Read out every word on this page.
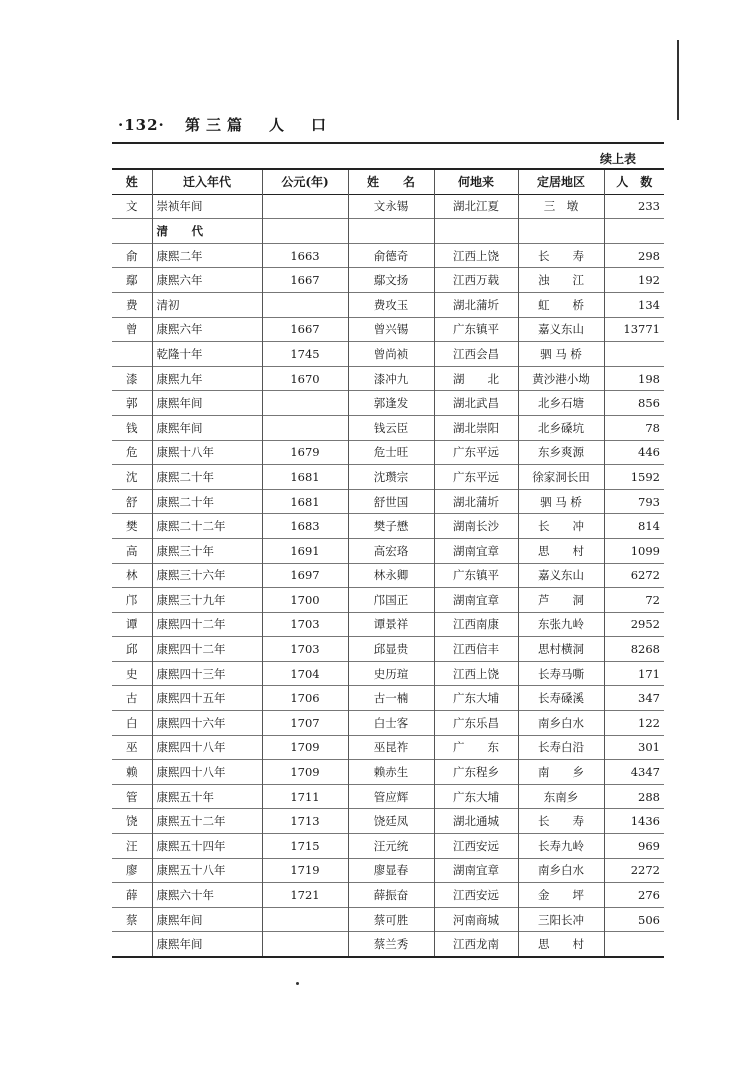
·132· 第三篇　人　口
续上表
姓	迁入年代	公元(年)	姓　　名	何地来	定居地区	人　数
文	崇祯年间		文永锡	湖北江夏	三　墩	233
	清　代					
俞	康熙二年	1663	俞德奇	江西上饶	长　　寿	298
鄢	康熙六年	1667	鄢文扬	江西万载	浊　　江	192
费	清初		费攻玉	湖北蒲圻	虹　　桥	134
曾	康熙六年	1667	曾兴锡	广东镇平	嘉义东山	13771
	乾隆十年	1745	曾尚祯	江西会昌	驷 马 桥	
漆	康熙九年	1670	漆冲九	湖　　北	黄沙港小坳	198
郭	康熙年间		郭逢发	湖北武昌	北乡石塘	856
钱	康熙年间		钱云臣	湖北崇阳	北乡磉坑	78
危	康熙十八年	1679	危士旺	广东平远	东乡爽源	446
沈	康熙二十年	1681	沈瓒宗	广东平远	徐家洞长田	1592
舒	康熙二十年	1681	舒世国	湖北蒲圻	驷 马 桥	793
樊	康熙二十二年	1683	樊子懋	湖南长沙	长　　冲	814
高	康熙三十年	1691	高宏珞	湖南宜章	思　　村	1099
林	康熙三十六年	1697	林永卿	广东镇平	嘉义东山	6272
邝	康熙三十九年	1700	邝国正	湖南宜章	芦　　洞	72
谭	康熙四十二年	1703	谭景祥	江西南康	东张九岭	2952
邱	康熙四十二年	1703	邱显贵	江西信丰	思村横洞	8268
史	康熙四十三年	1704	史历瑄	江西上饶	长寿马嘶	171
古	康熙四十五年	1706	古一楠	广东大埔	长寿磉溪	347
白	康熙四十六年	1707	白士客	广东乐昌	南乡白水	122
巫	康熙四十八年	1709	巫昆祚	广　　东	长寿白沿	301
赖	康熙四十八年	1709	赖赤生	广东程乡	南　　乡	4347
管	康熙五十年	1711	管应辉	广东大埔	东南乡	288
饶	康熙五十二年	1713	饶廷凤	湖北通城	长　　寿	1436
汪	康熙五十四年	1715	汪元统	江西安远	长寿九岭	969
廖	康熙五十八年	1719	廖显春	湖南宜章	南乡白水	2272
薛	康熙六十年	1721	薛振奋	江西安远	金　　坪	276
蔡	康熙年间		蔡可胜	河南商城	三阳长冲	506
	康熙年间		蔡兰秀	江西龙南	思　　村	
